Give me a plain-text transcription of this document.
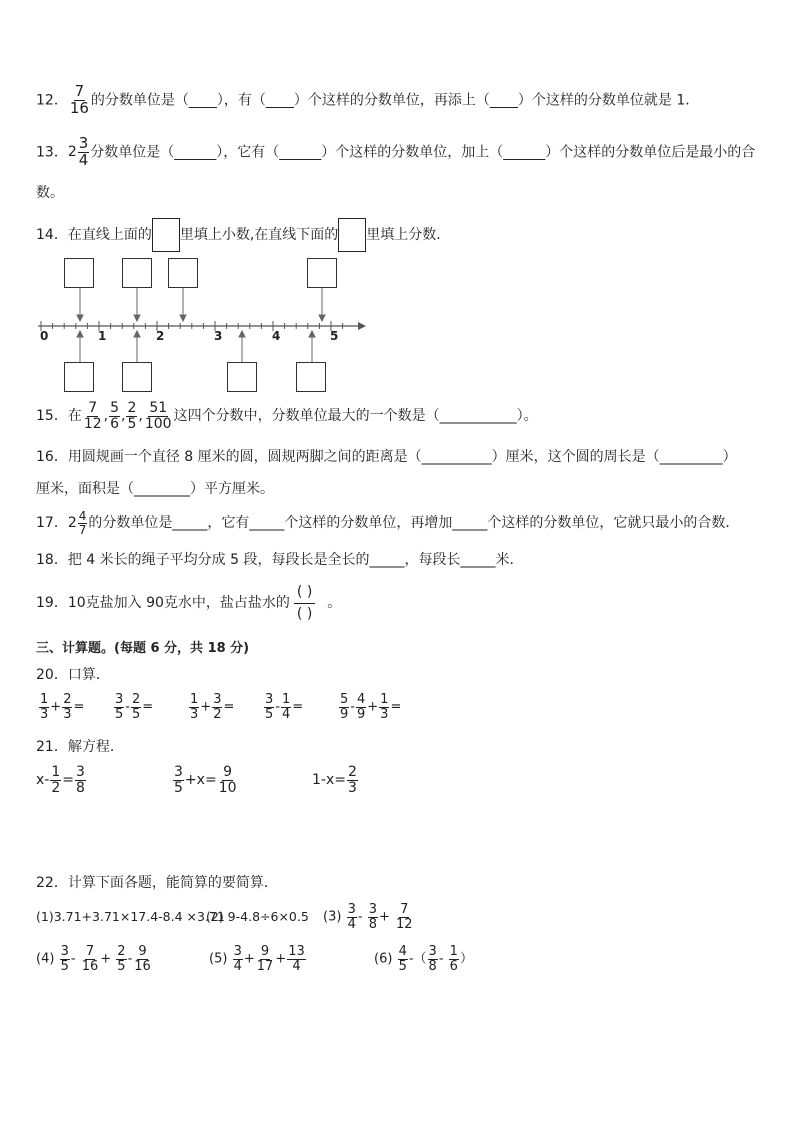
12． $\frac{7}{16}$ 的分数单位是（____），有（____）个这样的分数单位，再添上（____）个这样的分数单位就是 1．
13． $2 \frac{3}{4}$ 分数单位是（______），它有（______）个这样的分数单位，加上（______）个这样的分数单位后是最小的合
数。
14．在直线上面的 里填上小数,在直线下面的 里填上分数．
0	1	2	3	4	5
15．在 $\frac{7}{12}$ , $\frac{5}{6}$ , $\frac{2}{5}$ , $\frac{51}{100}$ 这四个分数中，分数单位最大的一个数是（___________）。
16．用圆规画一个直径 8 厘米的圆，圆规两脚之间的距离是（__________）厘米，这个圆的周长是（_________）
厘米，面积是（________）平方厘米。
17． $2 \frac{4}{7}$ 的分数单位是_____，它有_____个这样的分数单位，再增加_____个这样的分数单位，它就只最小的合数．
18．把 4 米长的绳子平均分成 5 段，每段长是全长的_____，每段长_____米．
19．10克盐加入 90克水中，盐占盐水的 $\frac{( )}{( )}$ 。
三、计算题。(每题 6 分，共 18 分)
20．口算．
$\frac{1}{3} + \frac{2}{3} = \frac{3}{5} - \frac{2}{5}$ =	$\frac{1}{3} + \frac{3}{2} = \frac{3}{5} - \frac{1}{4}$ =	$\frac{5}{9} - \frac{4}{9} + \frac{1}{3}$ =
21．解方程．
$x- \frac{1}{2} = \frac{3}{8}$	$\frac{3}{5} +x= \frac{9}{10}$	$1-x= \frac{2}{3}$
22．计算下面各题，能简算的要简算．
(1)3.71+3.71×17.4-8.4 ×3.71
(2) 9-4.8÷6×0.5 $(3) \frac{3}{4} - \frac{3}{8} + \frac{7}{12}$
$(4) \frac{3}{5} - \frac{7}{16} + \frac{2}{5} - \frac{9}{16}$	$(5) \frac{3}{4} + \frac{9}{17} + \frac{13}{4}$	$(6) \frac{4}{5}$ -（ $\frac{3}{8} - \frac{1}{6}$ ）
